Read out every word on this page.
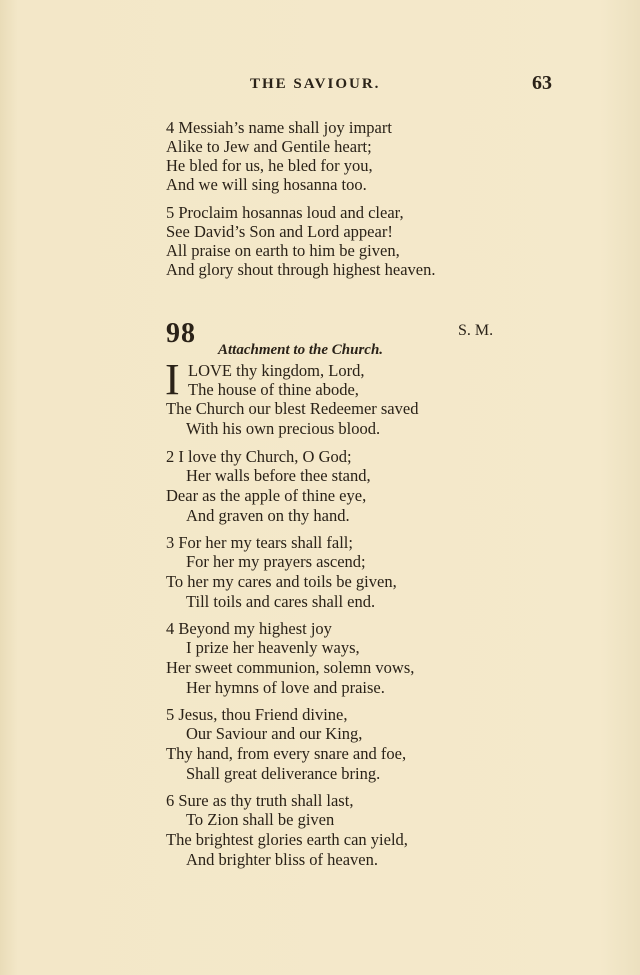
THE SAVIOUR.	63
4 Messiah’s name shall joy impart
Alike to Jew and Gentile heart;
He bled for us, he bled for you,
And we will sing hosanna too.
5 Proclaim hosannas loud and clear,
See David’s Son and Lord appear!
All praise on earth to him be given,
And glory shout through highest heaven.
98	S. M.
Attachment to the Church.
I LOVE thy kingdom, Lord,
The house of thine abode,
The Church our blest Redeemer saved
With his own precious blood.
2 I love thy Church, O God;
Her walls before thee stand,
Dear as the apple of thine eye,
And graven on thy hand.
3 For her my tears shall fall;
For her my prayers ascend;
To her my cares and toils be given,
Till toils and cares shall end.
4 Beyond my highest joy
I prize her heavenly ways,
Her sweet communion, solemn vows,
Her hymns of love and praise.
5 Jesus, thou Friend divine,
Our Saviour and our King,
Thy hand, from every snare and foe,
Shall great deliverance bring.
6 Sure as thy truth shall last,
To Zion shall be given
The brightest glories earth can yield,
And brighter bliss of heaven.
